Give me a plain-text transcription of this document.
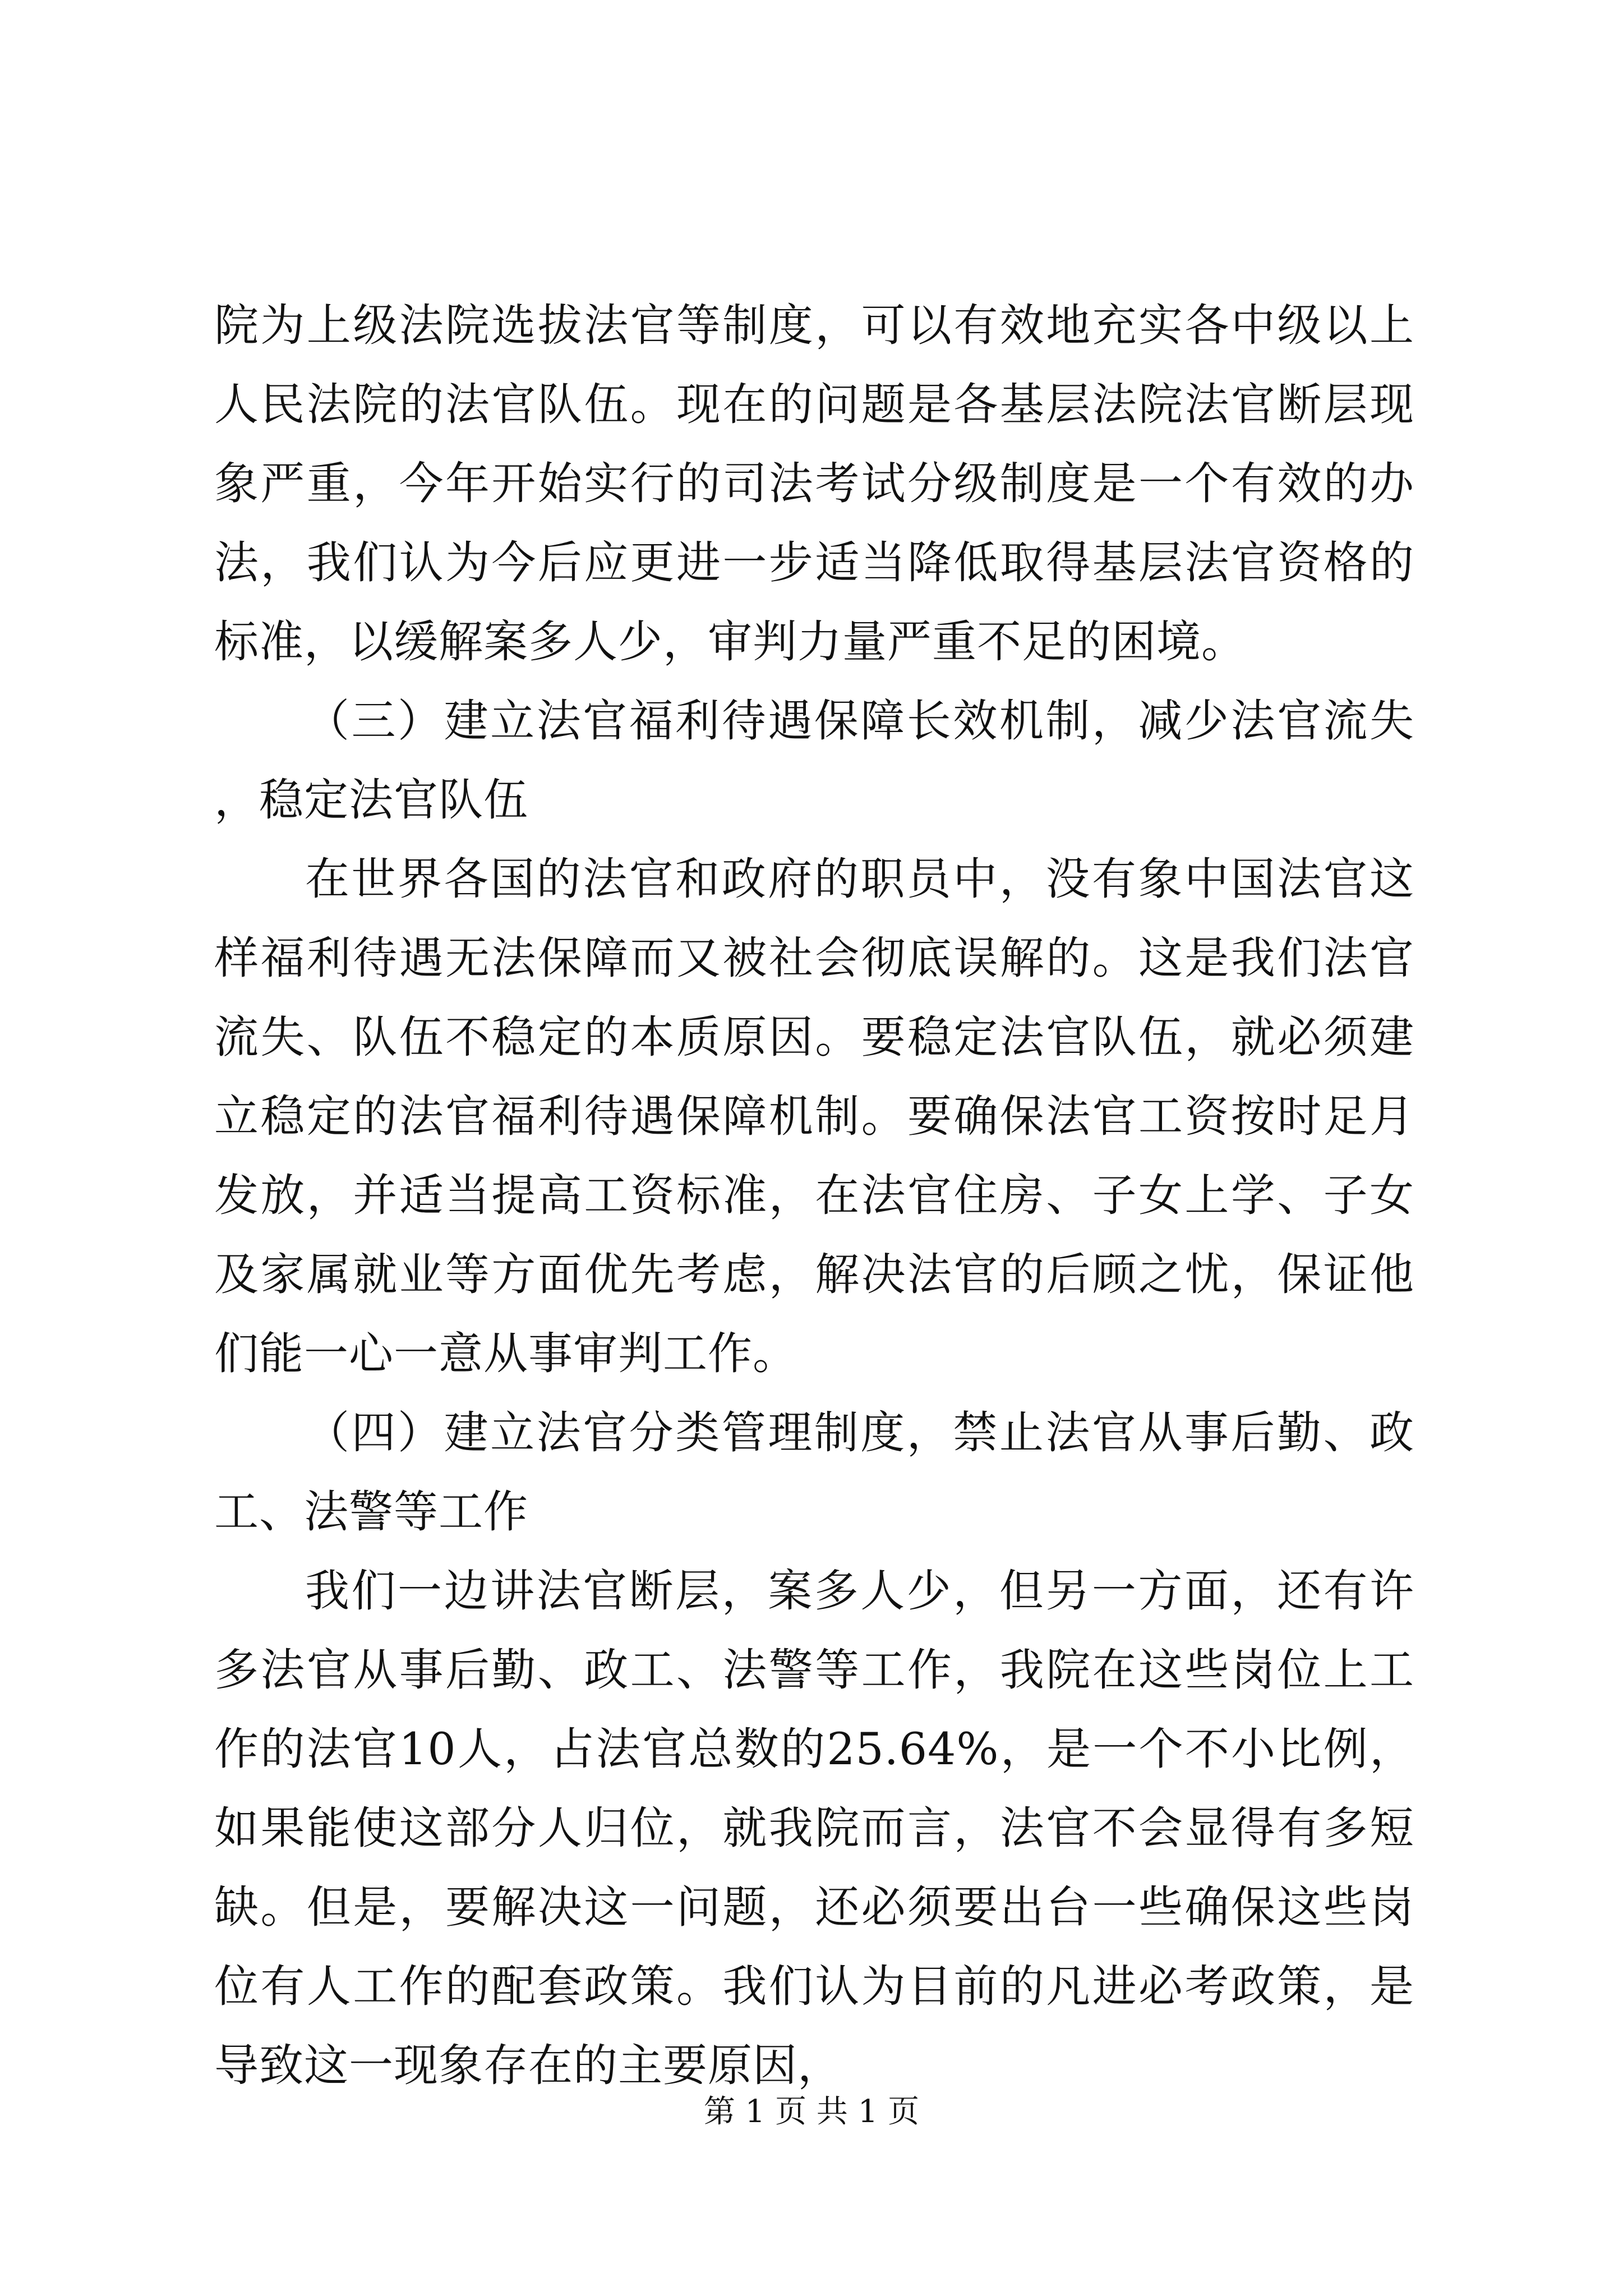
院为上级法院选拔法官等制度，可以有效地充实各中级以上人民法院的法官队伍。现在的问题是各基层法院法官断层现象严重，今年开始实行的司法考试分级制度是一个有效的办法，我们认为今后应更进一步适当降低取得基层法官资格的标准，以缓解案多人少，审判力量严重不足的困境。

（三）建立法官福利待遇保障长效机制，减少法官流失，稳定法官队伍

在世界各国的法官和政府的职员中，没有象中国法官这样福利待遇无法保障而又被社会彻底误解的。这是我们法官流失、队伍不稳定的本质原因。要稳定法官队伍，就必须建立稳定的法官福利待遇保障机制。要确保法官工资按时足月发放，并适当提高工资标准，在法官住房、子女上学、子女及家属就业等方面优先考虑，解决法官的后顾之忧，保证他们能一心一意从事审判工作。

（四）建立法官分类管理制度，禁止法官从事后勤、政工、法警等工作

我们一边讲法官断层，案多人少，但另一方面，还有许多法官从事后勤、政工、法警等工作，我院在这些岗位上工作的法官10人，占法官总数的25.64%，是一个不小比例，如果能使这部分人归位，就我院而言，法官不会显得有多短缺。但是，要解决这一问题，还必须要出台一些确保这些岗位有人工作的配套政策。我们认为目前的凡进必考政策，是导致这一现象存在的主要原因，

第 1 页 共 1 页
